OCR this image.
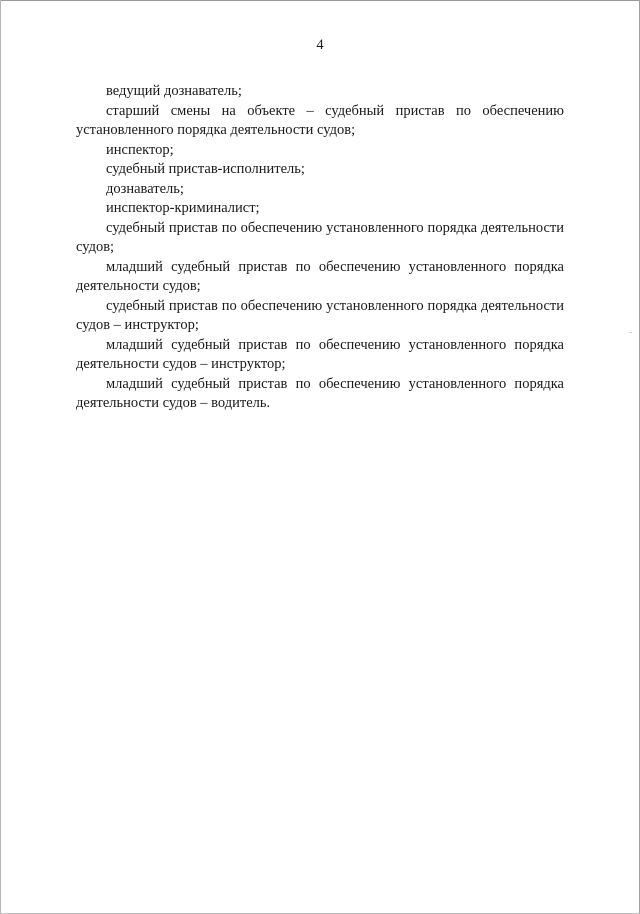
4

ведущий дознаватель;

старший смены на объекте – судебный пристав по обеспечению установленного порядка деятельности судов;

инспектор;

судебный пристав-исполнитель;

дознаватель;

инспектор-криминалист;

судебный пристав по обеспечению установленного порядка деятельности судов;

младший судебный пристав по обеспечению установленного порядка деятельности судов;

судебный пристав по обеспечению установленного порядка деятельности судов – инструктор;

младший судебный пристав по обеспечению установленного порядка деятельности судов – инструктор;

младший судебный пристав по обеспечению установленного порядка деятельности судов – водитель.
